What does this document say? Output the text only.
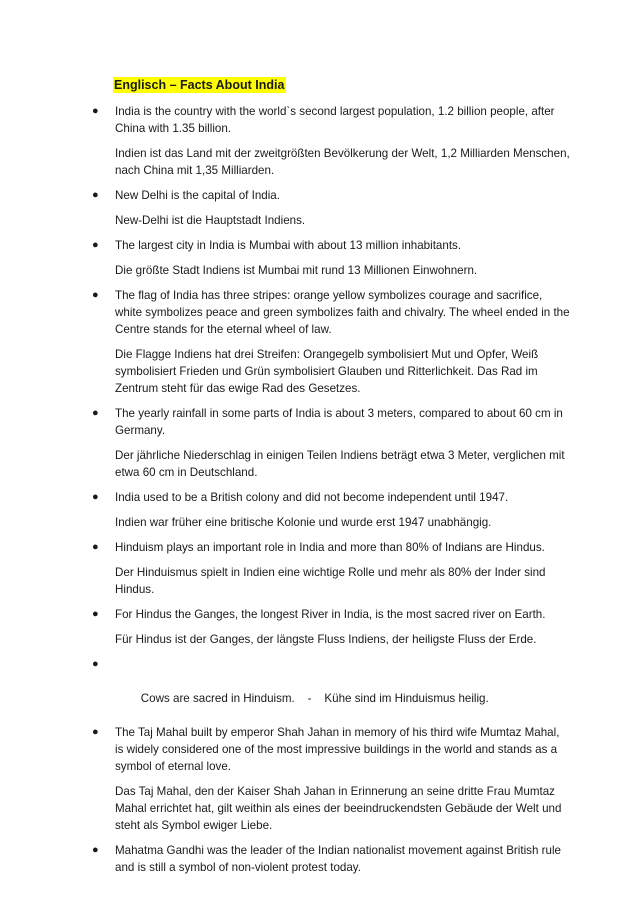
Englisch – Facts About India
● India is the country with the world`s second largest population, 1.2 billion people, after China with 1.35 billion.
Indien ist das Land mit der zweitgrößten Bevölkerung der Welt, 1,2 Milliarden Menschen, nach China mit 1,35 Milliarden.
● New Delhi is the capital of India.
New-Delhi ist die Hauptstadt Indiens.
● The largest city in India is Mumbai with about 13 million inhabitants.
Die größte Stadt Indiens ist Mumbai mit rund 13 Millionen Einwohnern.
● The flag of India has three stripes: orange yellow symbolizes courage and sacrifice, white symbolizes peace and green symbolizes faith and chivalry. The wheel ended in the Centre stands for the eternal wheel of law.
Die Flagge Indiens hat drei Streifen: Orangegelb symbolisiert Mut und Opfer, Weiß symbolisiert Frieden und Grün symbolisiert Glauben und Ritterlichkeit. Das Rad im Zentrum steht für das ewige Rad des Gesetzes.
● The yearly rainfall in some parts of India is about 3 meters, compared to about 60 cm in Germany.
Der jährliche Niederschlag in einigen Teilen Indiens beträgt etwa 3 Meter, verglichen mit etwa 60 cm in Deutschland.
● India used to be a British colony and did not become independent until 1947.
Indien war früher eine britische Kolonie und wurde erst 1947 unabhängig.
● Hinduism plays an important role in India and more than 80% of Indians are Hindus.
Der Hinduismus spielt in Indien eine wichtige Rolle und mehr als 80% der Inder sind Hindus.
● For Hindus the Ganges, the longest River in India, is the most sacred river on Earth.
Für Hindus ist der Ganges, der längste Fluss Indiens, der heiligste Fluss der Erde.

●

Cows are sacred in Hinduism.    -    Kühe sind im Hinduismus heilig.

● The Taj Mahal built by emperor Shah Jahan in memory of his third wife Mumtaz Mahal, is widely considered one of the most impressive buildings in the world and stands as a symbol of eternal love.
Das Taj Mahal, den der Kaiser Shah Jahan in Erinnerung an seine dritte Frau Mumtaz Mahal errichtet hat, gilt weithin als eines der beeindruckendsten Gebäude der Welt und steht als Symbol ewiger Liebe.
● Mahatma Gandhi was the leader of the Indian nationalist movement against British rule and is still a symbol of non-violent protest today.
